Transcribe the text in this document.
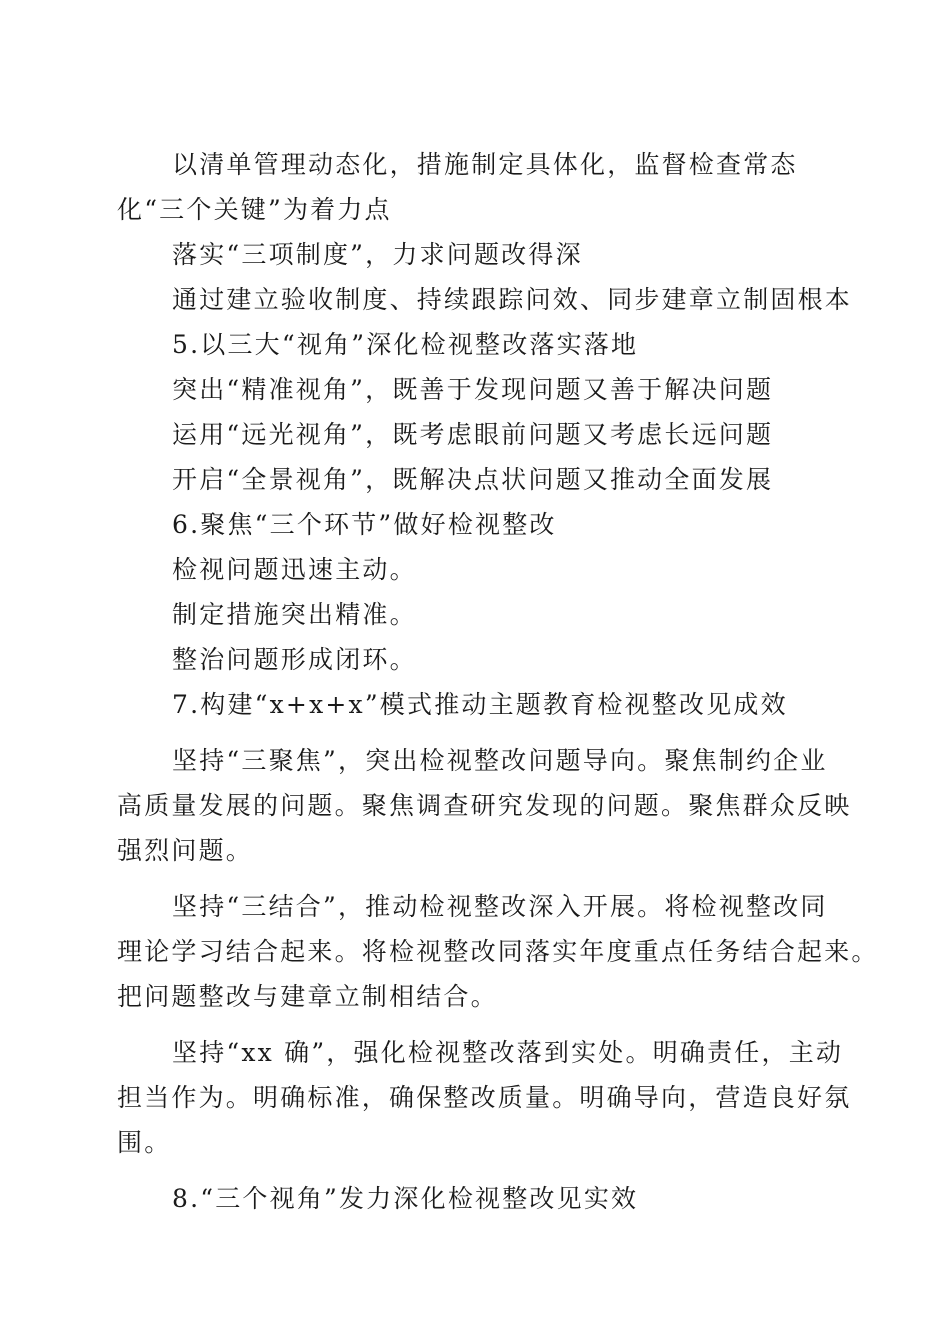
以清单管理动态化，措施制定具体化，监督检查常态
化“三个关键”为着力点
落实“三项制度”，力求问题改得深
通过建立验收制度、持续跟踪问效、同步建章立制固根本
5.以三大“视角”深化检视整改落实落地
突出“精准视角”，既善于发现问题又善于解决问题
运用“远光视角”，既考虑眼前问题又考虑长远问题
开启“全景视角”，既解决点状问题又推动全面发展
6.聚焦“三个环节”做好检视整改
检视问题迅速主动。
制定措施突出精准。
整治问题形成闭环。
7.构建“x+x+x”模式推动主题教育检视整改见成效
坚持“三聚焦”，突出检视整改问题导向。聚焦制约企业
高质量发展的问题。聚焦调查研究发现的问题。聚焦群众反映
强烈问题。
坚持“三结合”，推动检视整改深入开展。将检视整改同
理论学习结合起来。将检视整改同落实年度重点任务结合起来。
把问题整改与建章立制相结合。
坚持“xx 确”，强化检视整改落到实处。明确责任，主动
担当作为。明确标准，确保整改质量。明确导向，营造良好氛
围。
8.“三个视角”发力深化检视整改见实效
